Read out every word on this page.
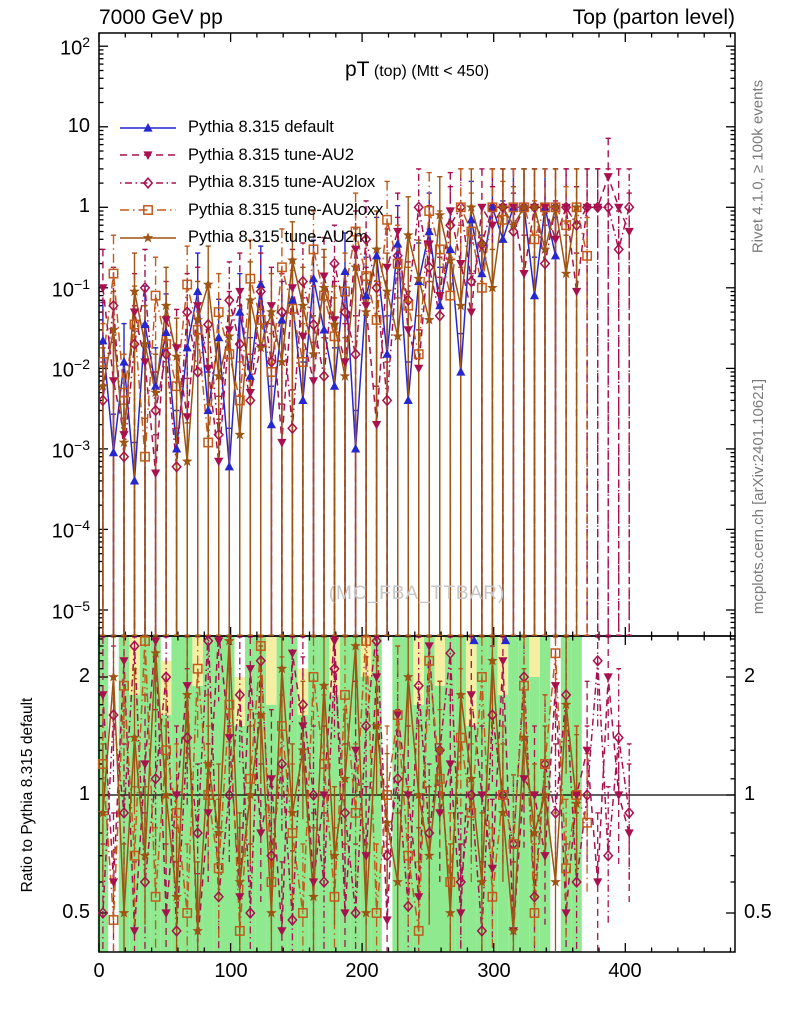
7000 GeV pp	Top (parton level)
pT (top) (Mtt < 450)
Pythia 8.315 default
Pythia 8.315 tune-AU2
Pythia 8.315 tune-AU2lox
Pythia 8.315 tune-AU2loxx
Pythia 8.315 tune-AU2m
(MC_FBA_TTBAR)
Rivet 4.1.0, ≥ 100k events
mcplots.cern.ch [arXiv:2401.10621]
Ratio to Pythia 8.315 default
$10^2$
10
1
$10^{-1}$
$10^{-2}$
$10^{-3}$
$10^{-4}$
$10^{-5}$
2	2
1	1
0.5	0.5
0	100	200	300	400
